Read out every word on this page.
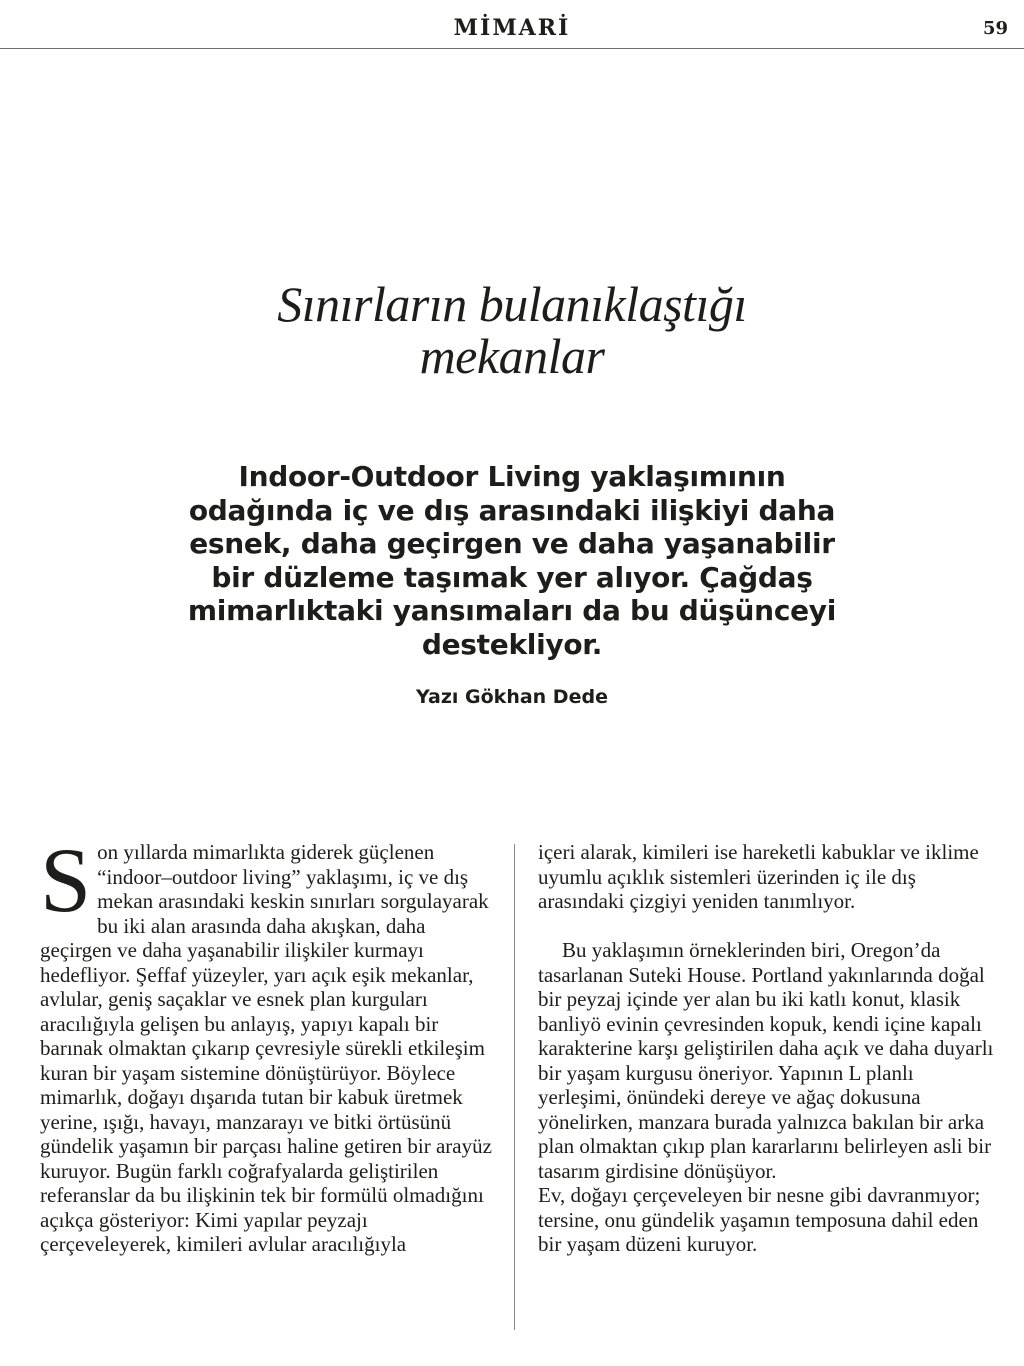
MİMARİ	59
Sınırların bulanıklaştığı
mekanlar

Indoor-Outdoor Living yaklaşımının odağında iç ve dış arasındaki ilişkiyi daha esnek, daha geçirgen ve daha yaşanabilir bir düzleme taşımak yer alıyor. Çağdaş mimarlıktaki yansımaları da bu düşünceyi destekliyor.

Yazı Gökhan Dede

Son yıllarda mimarlıkta giderek güçlenen “indoor–outdoor living” yaklaşımı, iç ve dış mekan arasındaki keskin sınırları sorgulayarak bu iki alan arasında daha akışkan, daha geçirgen ve daha yaşanabilir ilişkiler kurmayı hedefliyor. Şeffaf yüzeyler, yarı açık eşik mekanlar, avlular, geniş saçaklar ve esnek plan kurguları aracılığıyla gelişen bu anlayış, yapıyı kapalı bir barınak olmaktan çıkarıp çevresiyle sürekli etkileşim kuran bir yaşam sistemine dönüştürüyor. Böylece mimarlık, doğayı dışarıda tutan bir kabuk üretmek yerine, ışığı, havayı, manzarayı ve bitki örtüsünü gündelik yaşamın bir parçası haline getiren bir arayüz kuruyor. Bugün farklı coğrafyalarda geliştirilen referanslar da bu ilişkinin tek bir formülü olmadığını açıkça gösteriyor: Kimi yapılar peyzajı çerçeveleyerek, kimileri avlular aracılığıyla

içeri alarak, kimileri ise hareketli kabuklar ve iklime uyumlu açıklık sistemleri üzerinden iç ile dış arasındaki çizgiyi yeniden tanımlıyor.
Bu yaklaşımın örneklerinden biri, Oregon’da tasarlanan Suteki House. Portland yakınlarında doğal bir peyzaj içinde yer alan bu iki katlı konut, klasik banliyö evinin çevresinden kopuk, kendi içine kapalı karakterine karşı geliştirilen daha açık ve daha duyarlı bir yaşam kurgusu öneriyor. Yapının L planlı yerleşimi, önündeki dereye ve ağaç dokusuna yönelirken, manzara burada yalnızca bakılan bir arka plan olmaktan çıkıp plan kararlarını belirleyen asli bir tasarım girdisine dönüşüyor.
Ev, doğayı çerçeveleyen bir nesne gibi davranmıyor; tersine, onu gündelik yaşamın temposuna dahil eden bir yaşam düzeni kuruyor.
